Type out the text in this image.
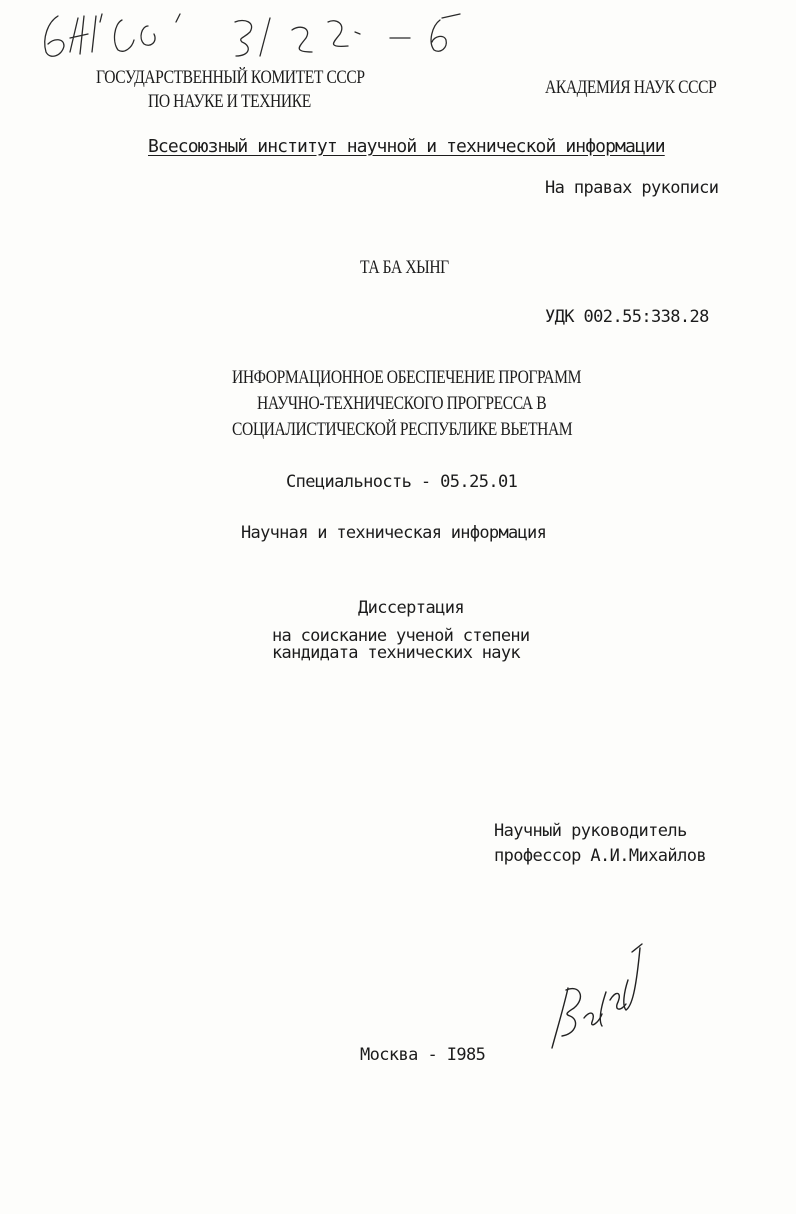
ГОСУДАРСТВЕННЫЙ КОМИТЕТ СССР
ПО НАУКЕ И ТЕХНИКЕ
АКАДЕМИЯ НАУК СССР
Всесоюзный институт научной и технической информации
На правах рукописи
ТА БА ХЫНГ
УДК 002.55:338.28
ИНФОРМАЦИОННОЕ ОБЕСПЕЧЕНИЕ ПРОГРАММ
НАУЧНО-ТЕХНИЧЕСКОГО ПРОГРЕССА В
СОЦИАЛИСТИЧЕСКОЙ РЕСПУБЛИКЕ ВЬЕТНАМ
Специальность - 05.25.01
Научная и техническая информация
Диссертация
на соискание ученой степени
кандидата технических наук
Научный руководитель
профессор А.И.Михайлов
Москва - I985
